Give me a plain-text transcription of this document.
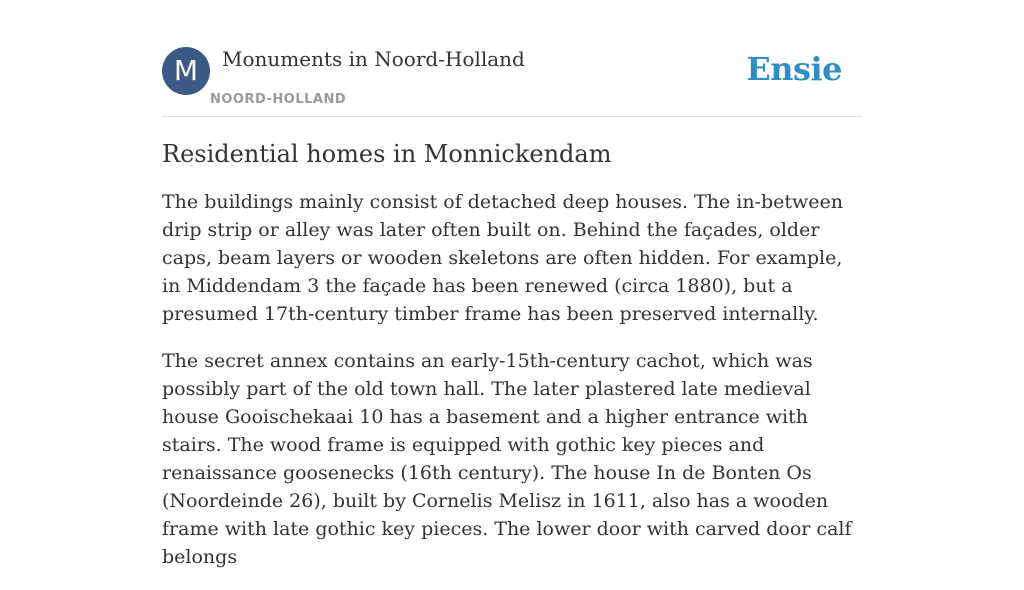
M	Monuments in Noord-Holland
NOORD-HOLLAND
Ensie
Residential homes in Monnickendam

The buildings mainly consist of detached deep houses. The in-between drip strip or alley was later often built on. Behind the façades, older caps, beam layers or wooden skeletons are often hidden. For example, in Middendam 3 the façade has been renewed (circa 1880), but a presumed 17th-century timber frame has been preserved internally.

The secret annex contains an early-15th-century cachot, which was possibly part of the old town hall. The later plastered late medieval house Gooischekaai 10 has a basement and a higher entrance with stairs. The wood frame is equipped with gothic key pieces and renaissance goosenecks (16th century). The house In de Bonten Os (Noordeinde 26), built by Cornelis Melisz in 1611, also has a wooden frame with late gothic key pieces. The lower door with carved door calf belongs
